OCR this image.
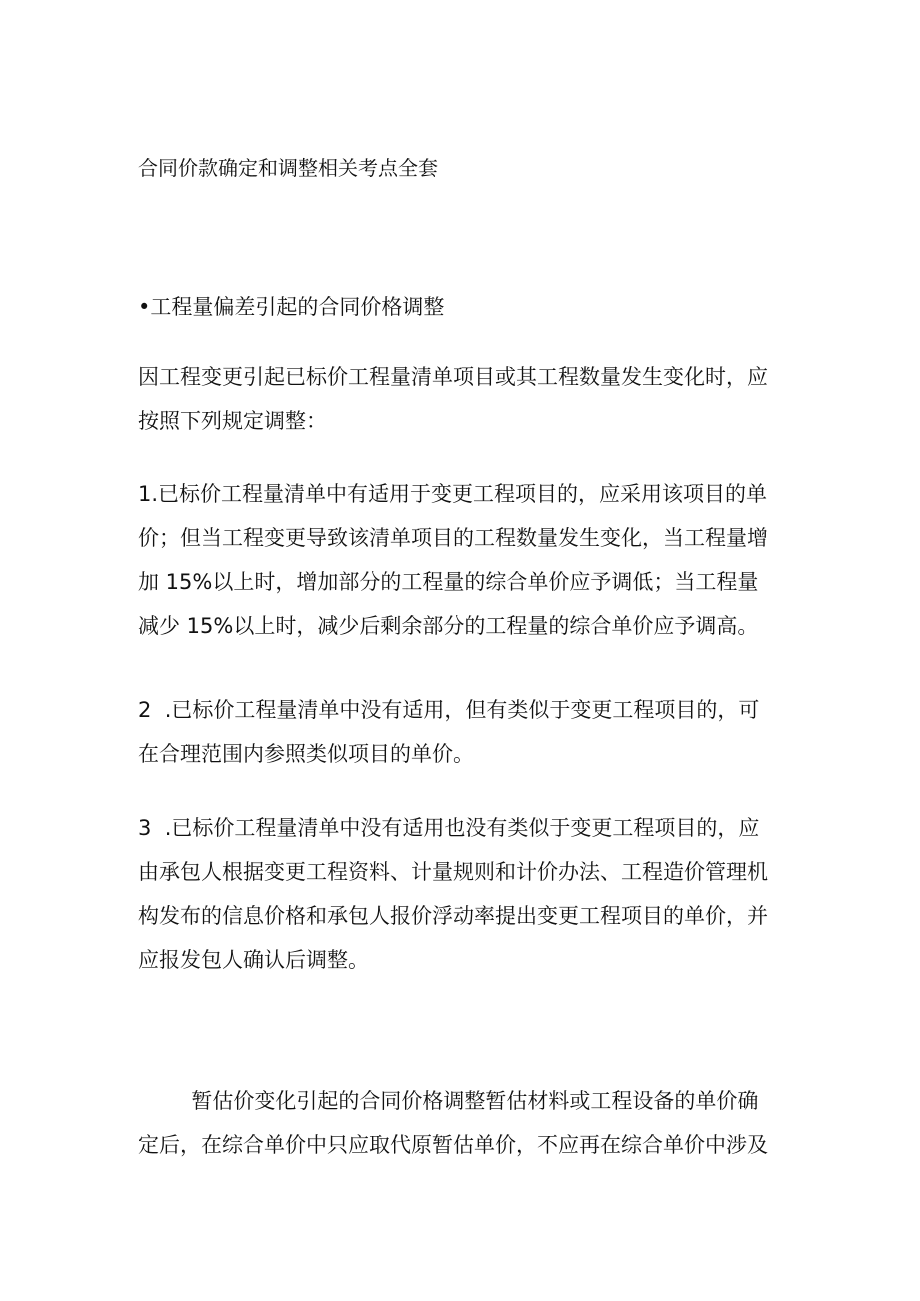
合同价款确定和调整相关考点全套
•工程量偏差引起的合同价格调整

因工程变更引起已标价工程量清单项目或其工程数量发生变化时，应
按照下列规定调整：

1.已标价工程量清单中有适用于变更工程项目的，应采用该项目的单
价；但当工程变更导致该清单项目的工程数量发生变化，当工程量增
加 15%以上时，增加部分的工程量的综合单价应予调低；当工程量
减少 15%以上时，减少后剩余部分的工程量的综合单价应予调高。

2  .已标价工程量清单中没有适用，但有类似于变更工程项目的，可
在合理范围内参照类似项目的单价。

3  .已标价工程量清单中没有适用也没有类似于变更工程项目的，应
由承包人根据变更工程资料、计量规则和计价办法、工程造价管理机
构发布的信息价格和承包人报价浮动率提出变更工程项目的单价，并
应报发包人确认后调整。

暂估价变化引起的合同价格调整暂估材料或工程设备的单价确
定后，在综合单价中只应取代原暂估单价，不应再在综合单价中涉及
